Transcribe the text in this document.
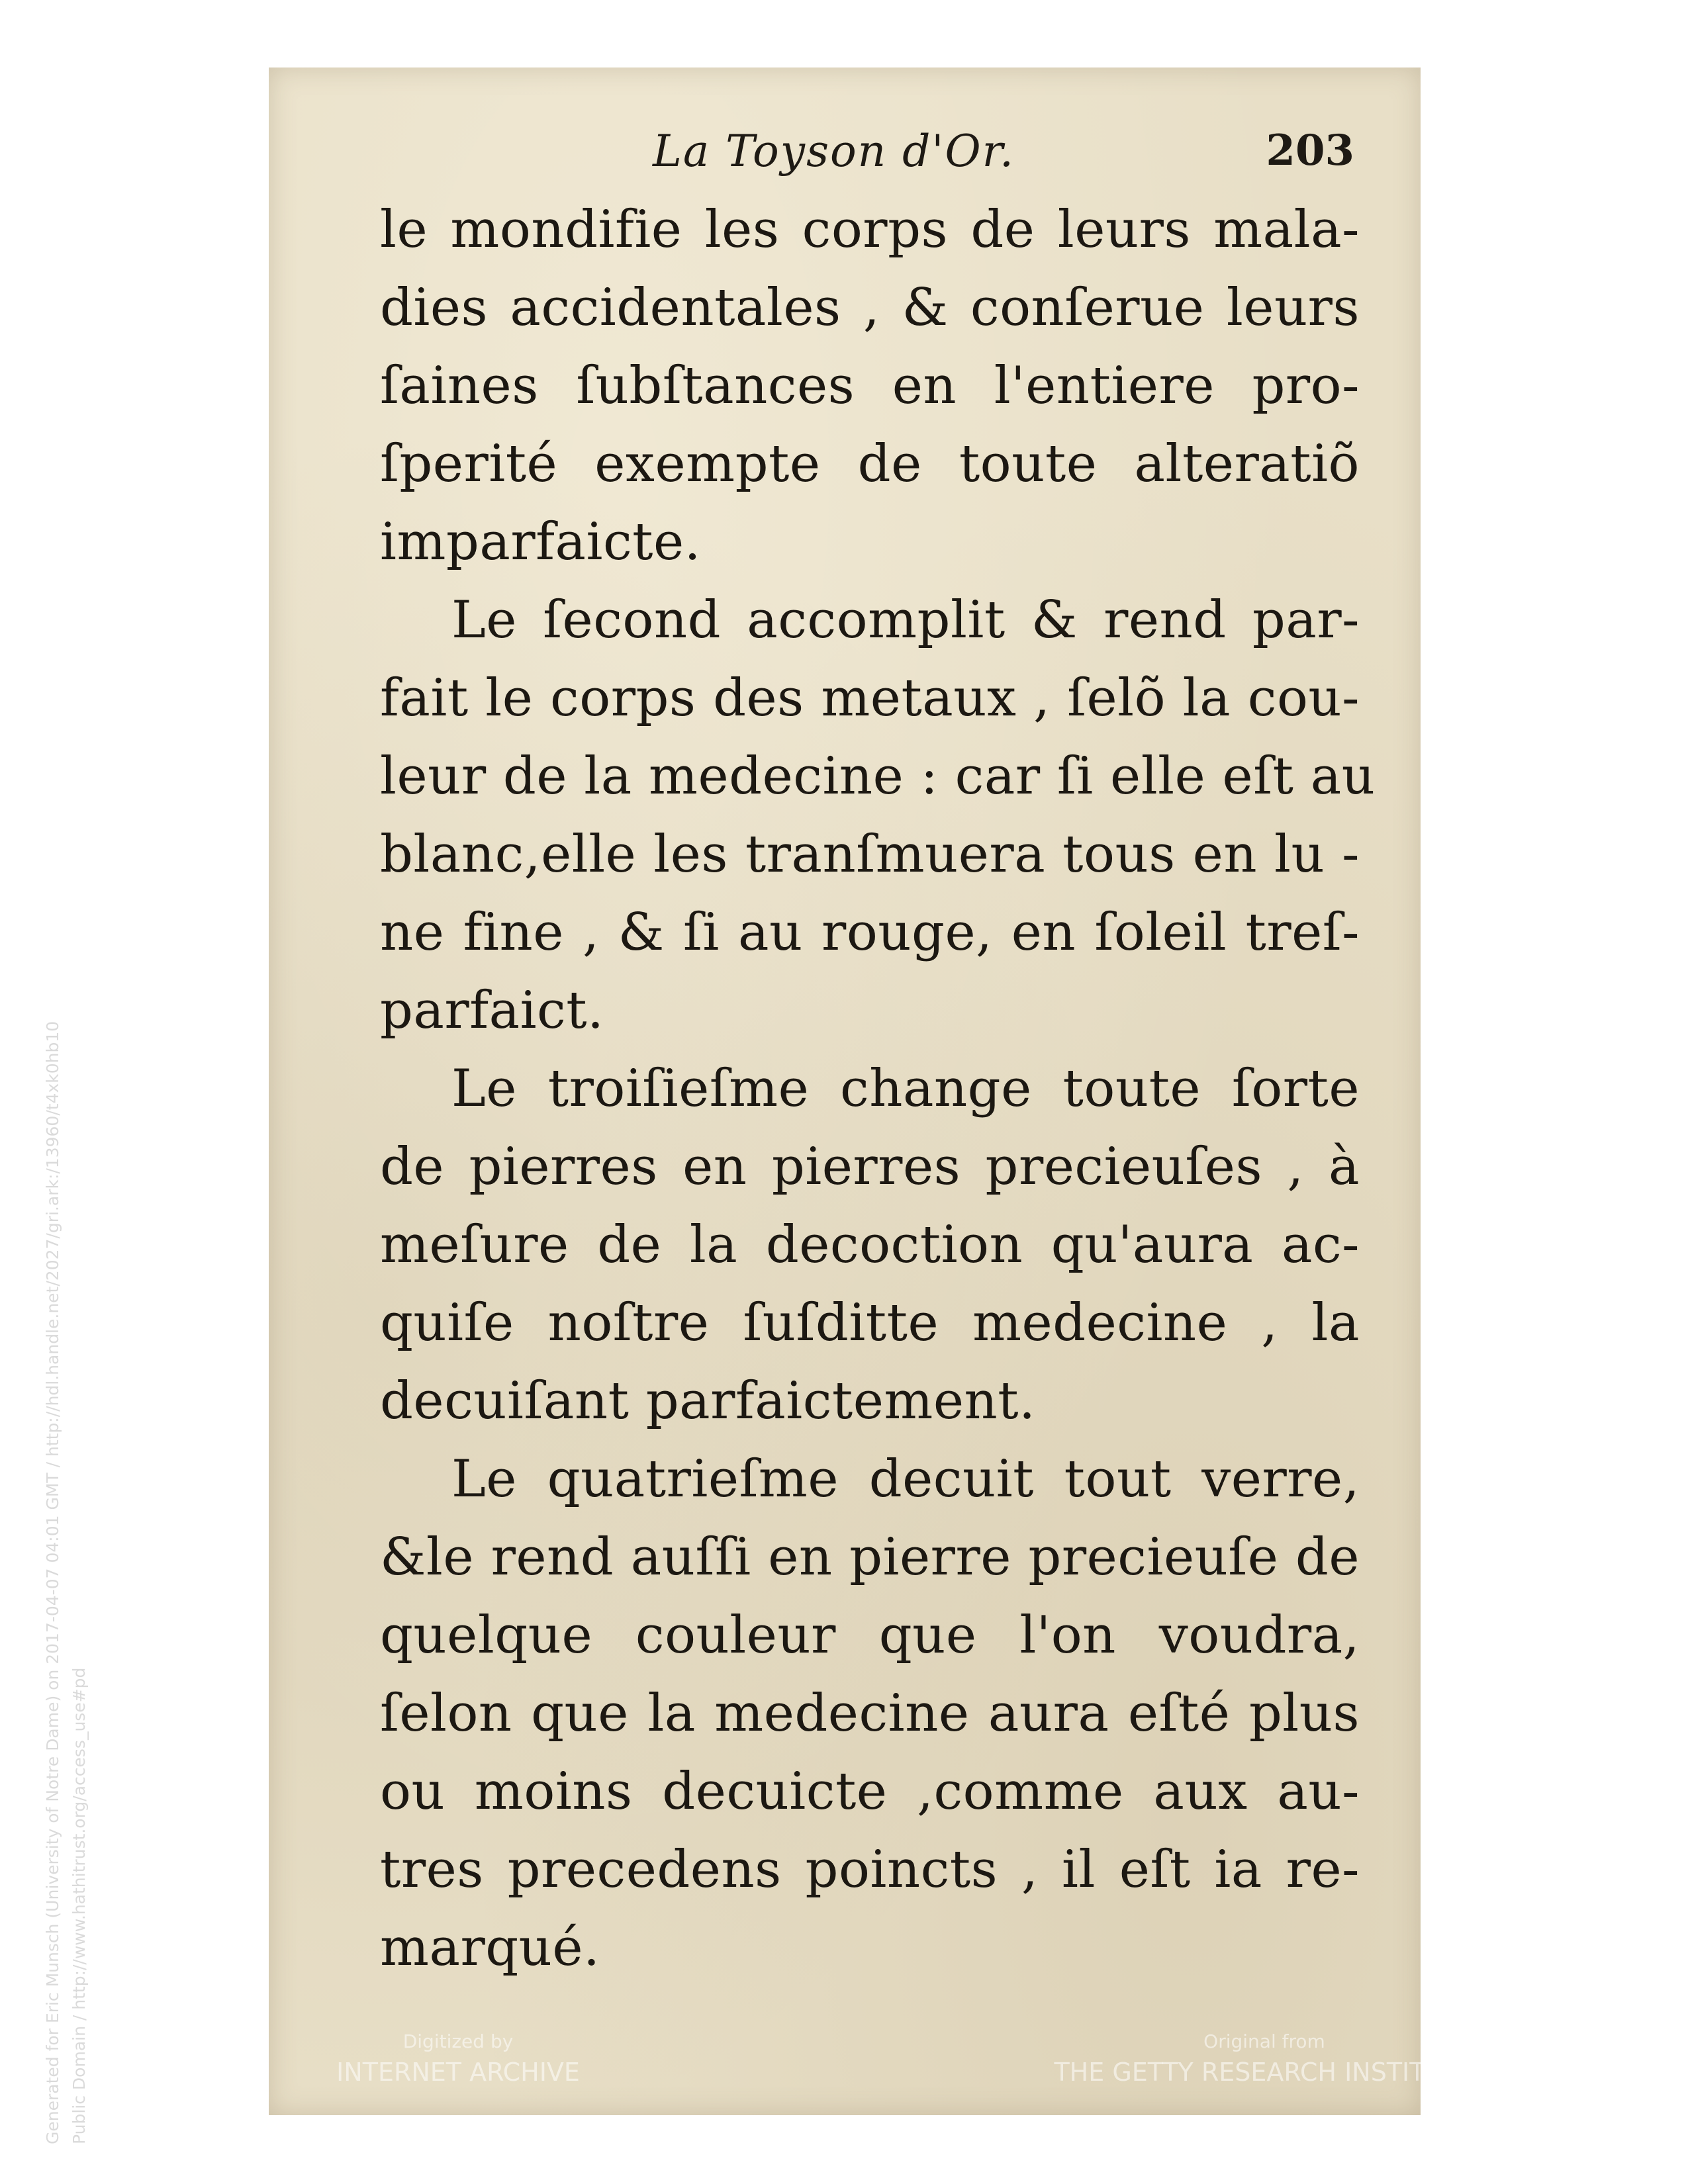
La Toyson d'Or.	203
le mondifie les corps de leurs mala-
dies accidentales , & conſerue leurs
ſaines ſubſtances en l'entiere pro-
ſperité exempte de toute alteratiõ
imparfaicte.
Le ſecond accomplit & rend par-
fait le corps des metaux , ſelõ la cou-
leur de la medecine : car ſi elle eſt au
blanc,elle les tranſmuera tous en lu -
ne fine , & ſi au rouge, en ſoleil treſ-
parfaict.
Le troiſieſme change toute ſorte
de pierres en pierres precieuſes , à
meſure de la decoction qu'aura ac-
quiſe noſtre ſuſditte medecine , la
decuiſant parfaictement.
Le quatrieſme decuit tout verre,
&le rend auſſi en pierre precieuſe de
quelque couleur que l'on voudra,
ſelon que la medecine aura eſté plus
ou moins decuicte ,comme aux au-
tres precedens poincts , il eſt ia re-
marqué.
Digitized by
INTERNET ARCHIVE
Original from
THE GETTY RESEARCH INSTITUTE
Generated for Eric Munsch (University of Notre Dame) on 2017-04-07 04:01 GMT / http://hdl.handle.net/2027/gri.ark:/13960/t4xk0hb10 Public Domain / http://www.hathitrust.org/access_use#pd
